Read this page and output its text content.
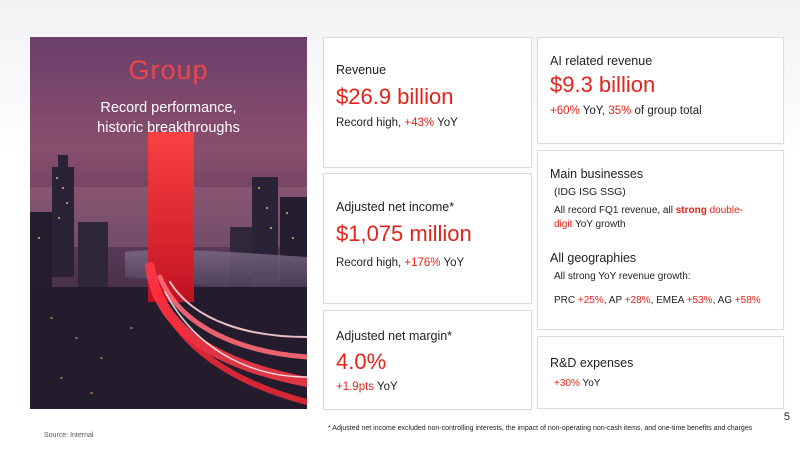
Group
Record performance,
historic breakthroughs
Revenue
$26.9 billion
Record high, +43% YoY
AI related revenue
$9.3 billion
+60% YoY, 35% of group total
Adjusted net income*
$1,075 million
Record high, +176% YoY
Main businesses
(IDG ISG SSG)
All record FQ1 revenue, all strong double-
digit YoY growth
All geographies
All strong YoY revenue growth:
PRC +25%, AP +28%, EMEA +53%, AG +58%
Adjusted net margin*
4.0%
+1.9pts YoY
R&D expenses
+30% YoY
5
Source: Internal
* Adjusted net income excluded non-controlling interests, the impact of non-operating non-cash items, and one-time benefits and charges
